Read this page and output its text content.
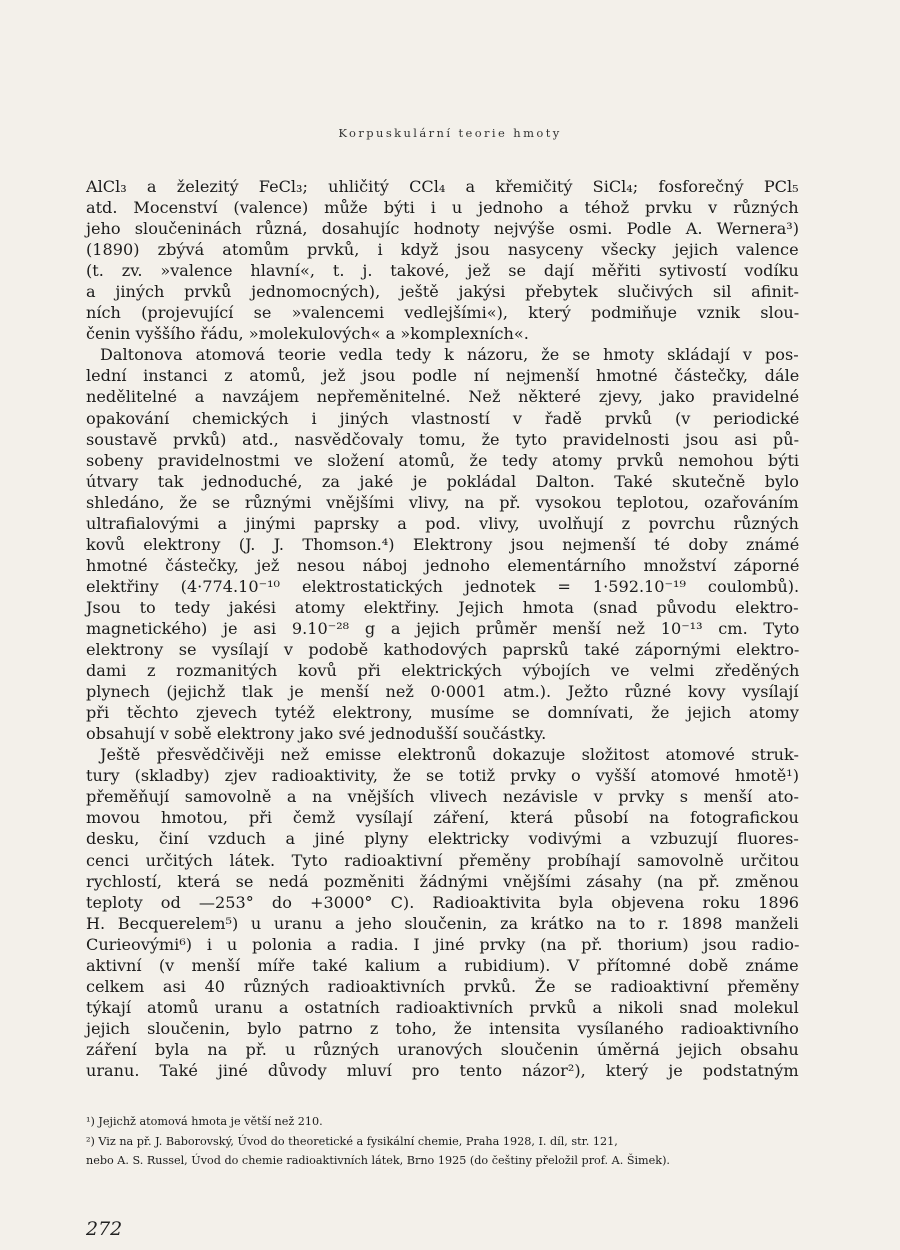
Korpuskulární teorie hmoty
AlCl₃ a železitý FeCl₃; uhličitý CCl₄ a křemičitý SiCl₄; fosforečný PCl₅
atd. Mocenství (valence) může býti i u jednoho a téhož prvku v různých
jeho sloučeninách různá, dosahujíc hodnoty nejvýše osmi. Podle A. Wernera³)
(1890) zbývá atomům prvků, i když jsou nasyceny všecky jejich valence
(t. zv. »valence hlavní«, t. j. takové, jež se dají měřiti sytivostí vodíku
a jiných prvků jednomocných), ještě jakýsi přebytek slučivých sil afinit-
ních (projevující se »valencemi vedlejšími«), který podmiňuje vznik slou-
čenin vyššího řádu, »molekulových« a »komplexních«.
Daltonova atomová teorie vedla tedy k názoru, že se hmoty skládají v pos-
lední instanci z atomů, jež jsou podle ní nejmenší hmotné částečky, dále
nedělitelné a navzájem nepřeměnitelné. Než některé zjevy, jako pravidelné
opakování chemických i jiných vlastností v řadě prvků (v periodické
soustavě prvků) atd., nasvědčovaly tomu, že tyto pravidelnosti jsou asi pů-
sobeny pravidelnostmi ve složení atomů, že tedy atomy prvků nemohou býti
útvary tak jednoduché, za jaké je pokládal Dalton. Také skutečně bylo
shledáno, že se různými vnějšími vlivy, na př. vysokou teplotou, ozařováním
ultrafialovými a jinými paprsky a pod. vlivy, uvolňují z povrchu různých
kovů elektrony (J. J. Thomson.⁴) Elektrony jsou nejmenší té doby známé
hmotné částečky, jež nesou náboj jednoho elementárního množství záporné
elektřiny (4·774.10⁻¹⁰ elektrostatických jednotek = 1·592.10⁻¹⁹ coulombů).
Jsou to tedy jakési atomy elektřiny. Jejich hmota (snad původu elektro-
magnetického) je asi 9.10⁻²⁸ g a jejich průměr menší než 10⁻¹³ cm. Tyto
elektrony se vysílají v podobě kathodových paprsků také zápornými elektro-
dami z rozmanitých kovů při elektrických výbojích ve velmi zředěných
plynech (jejichž tlak je menší než 0·0001 atm.). Ježto různé kovy vysílají
při těchto zjevech tytéž elektrony, musíme se domnívati, že jejich atomy
obsahují v sobě elektrony jako své jednodušší součástky.
Ještě přesvědčivěji než emisse elektronů dokazuje složitost atomové struk-
tury (skladby) zjev radioaktivity, že se totiž prvky o vyšší atomové hmotě¹)
přeměňují samovolně a na vnějších vlivech nezávisle v prvky s menší ato-
movou hmotou, při čemž vysílají záření, která působí na fotografickou
desku, činí vzduch a jiné plyny elektricky vodivými a vzbuzují fluores-
cenci určitých látek. Tyto radioaktivní přeměny probíhají samovolně určitou
rychlostí, která se nedá pozměniti žádnými vnějšími zásahy (na př. změnou
teploty od —253° do +3000° C). Radioaktivita byla objevena roku 1896
H. Becquerelem⁵) u uranu a jeho sloučenin, za krátko na to r. 1898 manželi
Curieovými⁶) i u polonia a radia. I jiné prvky (na př. thorium) jsou radio-
aktivní (v menší míře také kalium a rubidium). V přítomné době známe
celkem asi 40 různých radioaktivních prvků. Že se radioaktivní přeměny
týkají atomů uranu a ostatních radioaktivních prvků a nikoli snad molekul
jejich sloučenin, bylo patrno z toho, že intensita vysílaného radioaktivního
záření byla na př. u různých uranových sloučenin úměrná jejich obsahu
uranu. Také jiné důvody mluví pro tento názor²), který je podstatným
¹) Jejichž atomová hmota je větší než 210.
²) Viz na př. J. Baborovský, Úvod do theoretické a fysikální chemie, Praha 1928, I. díl, str. 121,
nebo A. S. Russel, Úvod do chemie radioaktivních látek, Brno 1925 (do češtiny přeložil prof. A. Šimek).
272
